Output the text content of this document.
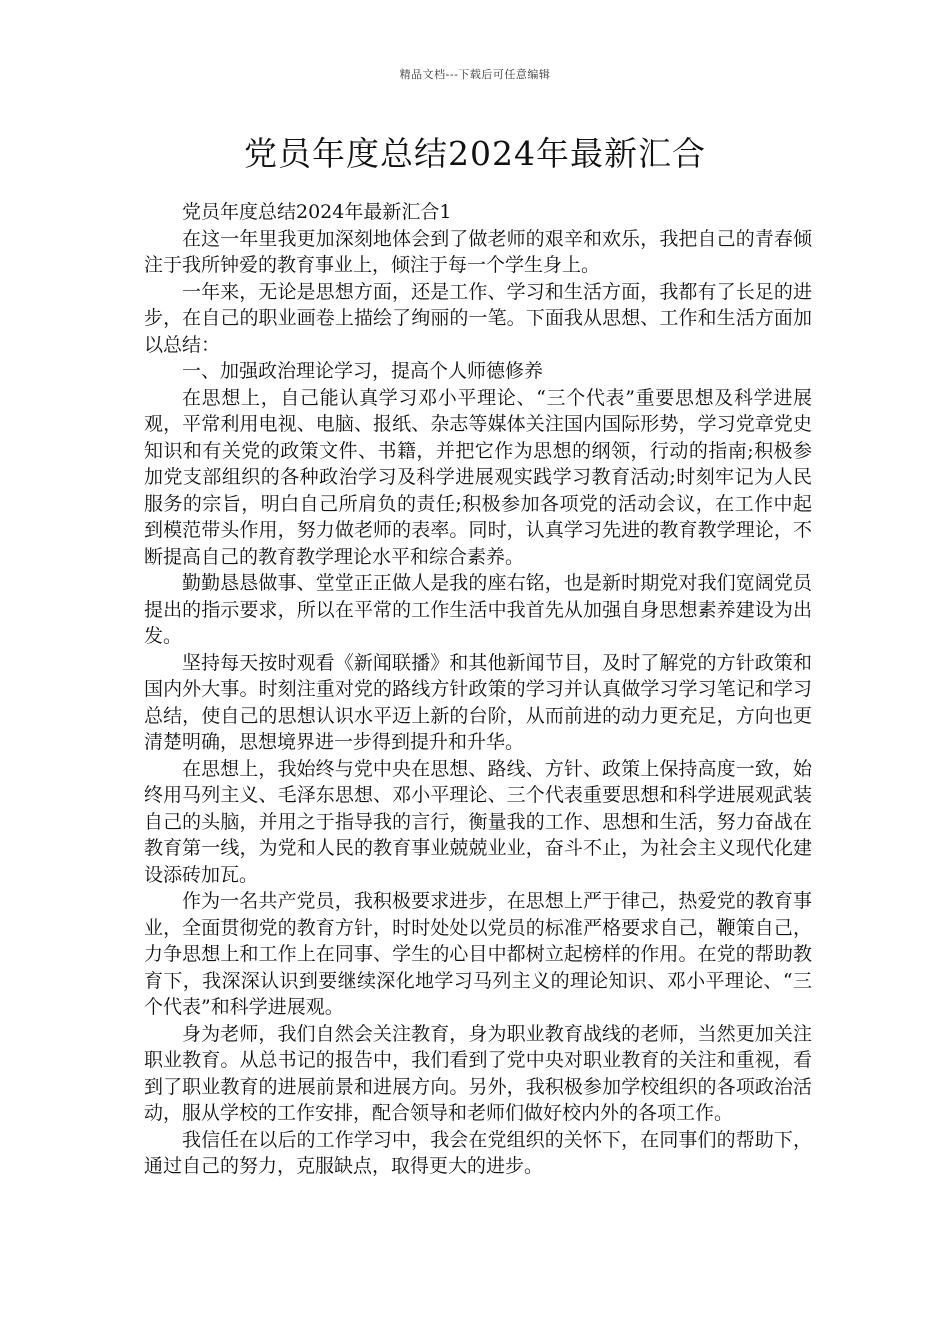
精品文档---下载后可任意编辑
党员年度总结2024年最新汇合

党员年度总结2024年最新汇合1

在这一年里我更加深刻地体会到了做老师的艰辛和欢乐，我把自己的青春倾注于我所钟爱的教育事业上，倾注于每一个学生身上。

一年来，无论是思想方面，还是工作、学习和生活方面，我都有了长足的进步，在自己的职业画卷上描绘了绚丽的一笔。下面我从思想、工作和生活方面加以总结：

一、加强政治理论学习，提高个人师德修养

在思想上，自己能认真学习邓小平理论、“三个代表”重要思想及科学进展观，平常利用电视、电脑、报纸、杂志等媒体关注国内国际形势，学习党章党史知识和有关党的政策文件、书籍，并把它作为思想的纲领，行动的指南;积极参加党支部组织的各种政治学习及科学进展观实践学习教育活动;时刻牢记为人民服务的宗旨，明白自己所肩负的责任;积极参加各项党的活动会议，在工作中起到模范带头作用，努力做老师的表率。同时，认真学习先进的教育教学理论，不断提高自己的教育教学理论水平和综合素养。

勤勤恳恳做事、堂堂正正做人是我的座右铭，也是新时期党对我们宽阔党员提出的指示要求，所以在平常的工作生活中我首先从加强自身思想素养建设为出发。

坚持每天按时观看《新闻联播》和其他新闻节目，及时了解党的方针政策和国内外大事。时刻注重对党的路线方针政策的学习并认真做学习学习笔记和学习总结，使自己的思想认识水平迈上新的台阶，从而前进的动力更充足，方向也更清楚明确，思想境界进一步得到提升和升华。

在思想上，我始终与党中央在思想、路线、方针、政策上保持高度一致，始终用马列主义、毛泽东思想、邓小平理论、三个代表重要思想和科学进展观武装自己的头脑，并用之于指导我的言行，衡量我的工作、思想和生活，努力奋战在教育第一线，为党和人民的教育事业兢兢业业，奋斗不止，为社会主义现代化建设添砖加瓦。

作为一名共产党员，我积极要求进步，在思想上严于律己，热爱党的教育事业，全面贯彻党的教育方针，时时处处以党员的标准严格要求自己，鞭策自己，力争思想上和工作上在同事、学生的心目中都树立起榜样的作用。在党的帮助教育下，我深深认识到要继续深化地学习马列主义的理论知识、邓小平理论、“三个代表”和科学进展观。

身为老师，我们自然会关注教育，身为职业教育战线的老师，当然更加关注职业教育。从总书记的报告中，我们看到了党中央对职业教育的关注和重视，看到了职业教育的进展前景和进展方向。另外，我积极参加学校组织的各项政治活动，服从学校的工作安排，配合领导和老师们做好校内外的各项工作。

我信任在以后的工作学习中，我会在党组织的关怀下，在同事们的帮助下，通过自己的努力，克服缺点，取得更大的进步。
